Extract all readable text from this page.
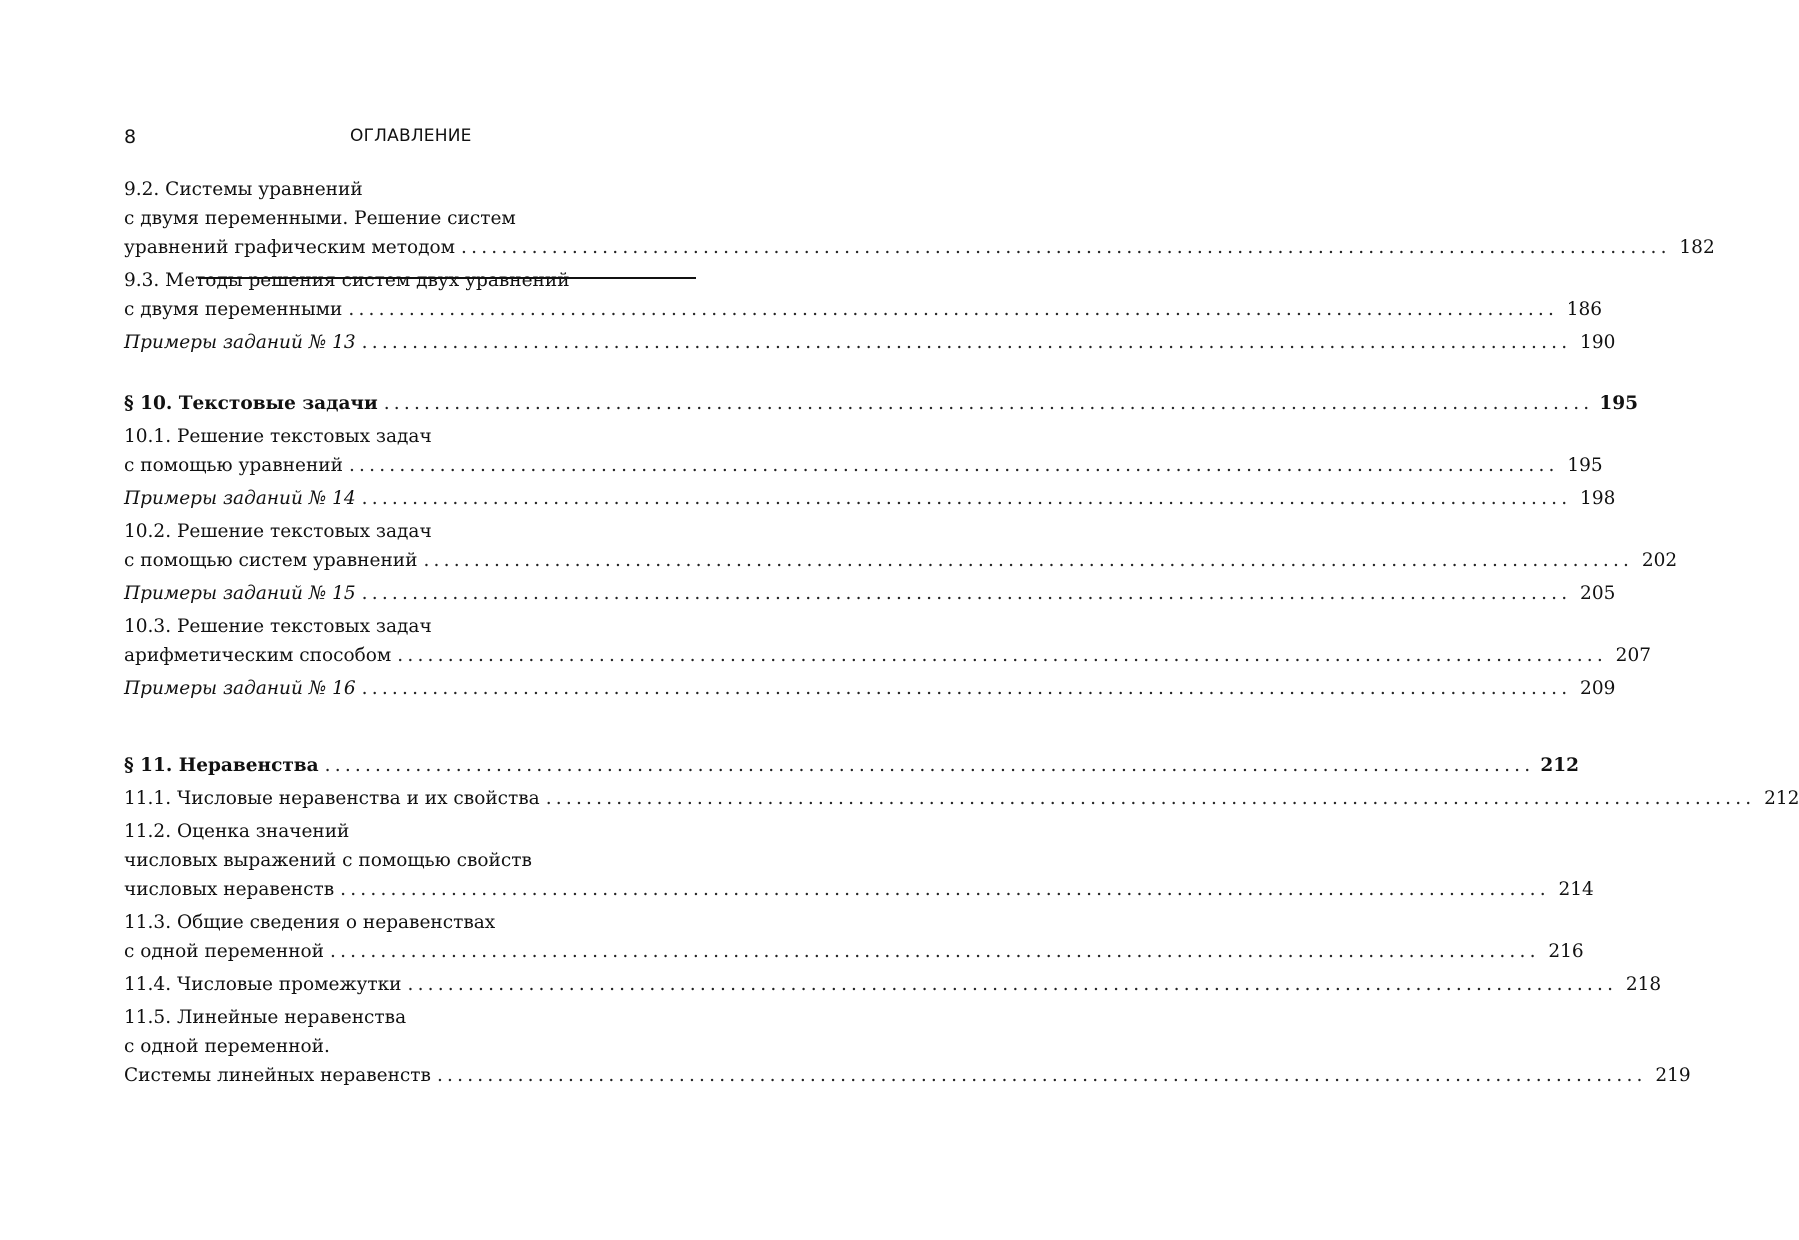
8	ОГЛАВЛЕНИЕ
9.2. Системы уравнений
с двумя переменными. Решение систем
уравнений графическим методом ........................................................................................................................ 182
9.3. Методы решения систем двух уравнений
с двумя переменными ........................................................................................................................ 186
Примеры заданий № 13 ........................................................................................................................ 190
§ 10. Текстовые задачи ........................................................................................................................ 195
10.1. Решение текстовых задач
с помощью уравнений ........................................................................................................................ 195
Примеры заданий № 14 ........................................................................................................................ 198
10.2. Решение текстовых задач
с помощью систем уравнений ........................................................................................................................ 202
Примеры заданий № 15 ........................................................................................................................ 205
10.3. Решение текстовых задач
арифметическим способом ........................................................................................................................ 207
Примеры заданий № 16 ........................................................................................................................ 209
§ 11. Неравенства ........................................................................................................................ 212
11.1. Числовые неравенства и их свойства ........................................................................................................................ 212
11.2. Оценка значений
числовых выражений с помощью свойств
числовых неравенств ........................................................................................................................ 214
11.3. Общие сведения о неравенствах
с одной переменной ........................................................................................................................ 216
11.4. Числовые промежутки ........................................................................................................................ 218
11.5. Линейные неравенства
с одной переменной.
Системы линейных неравенств ........................................................................................................................ 219
